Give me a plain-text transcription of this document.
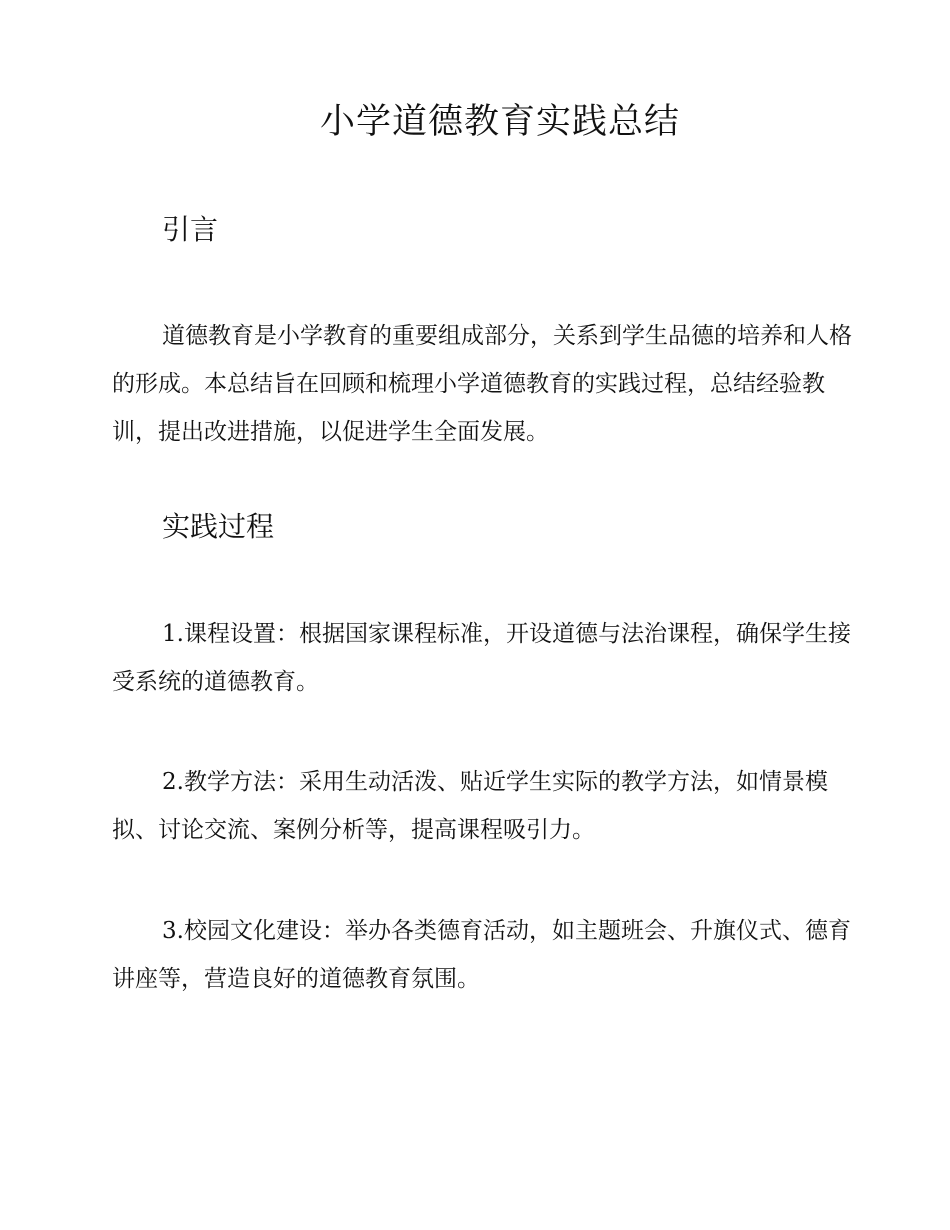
小学道德教育实践总结
引言

道德教育是小学教育的重要组成部分，关系到学生品德的培养和人格的形成。本总结旨在回顾和梳理小学道德教育的实践过程，总结经验教训，提出改进措施，以促进学生全面发展。

实践过程

1.课程设置：根据国家课程标准，开设道德与法治课程，确保学生接受系统的道德教育。

2.教学方法：采用生动活泼、贴近学生实际的教学方法，如情景模拟、讨论交流、案例分析等，提高课程吸引力。

3.校园文化建设：举办各类德育活动，如主题班会、升旗仪式、德育讲座等，营造良好的道德教育氛围。
